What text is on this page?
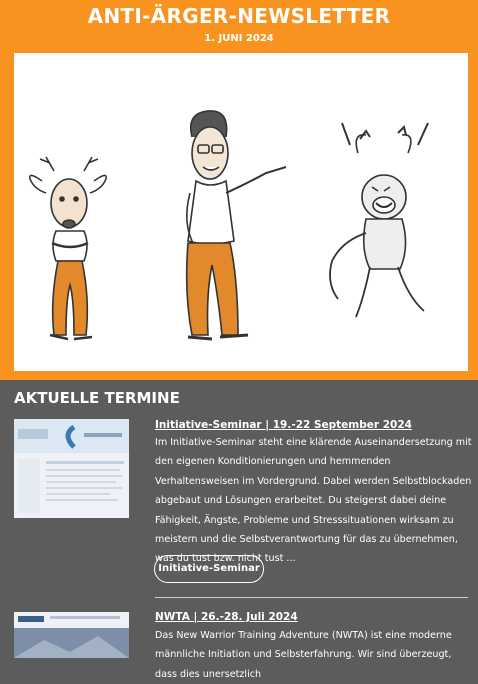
ANTI-ÄRGER-NEWSLETTER
1. JUNI 2024
AKTUELLE TERMINE
Initiative-Seminar | 19.-22 September 2024
Im Initiative-Seminar steht eine klärende Auseinandersetzung mit den eigenen Konditionierungen und hemmenden Verhaltensweisen im Vordergrund. Dabei werden Selbstblockaden abgebaut und Lösungen erarbeitet. Du steigerst dabei deine Fähigkeit, Ängste, Probleme und Stresssituationen wirksam zu meistern und die Selbstverantwortung für das zu übernehmen, was du tust bzw. nicht tust ...
Initiative-Seminar
NWTA | 26.-28. Juli 2024
Das New Warrior Training Adventure (NWTA) ist eine moderne männliche Initiation und Selbsterfahrung. Wir sind überzeugt, dass dies unersetzlich
